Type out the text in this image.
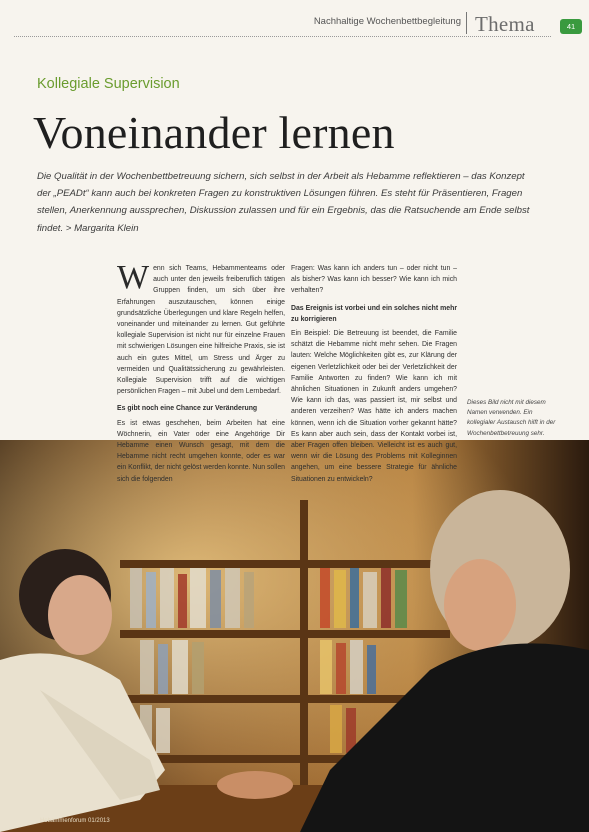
Nachhaltige Wochenbettbegleitung Thema	41
Kollegiale Supervision
Voneinander lernen

Die Qualität in der Wochenbettbetreuung sichern, sich selbst in der Arbeit als Hebamme reflektieren – das Konzept der „PEADt“ kann auch bei konkreten Fragen zu konstruktiven Lösungen führen. Es steht für Präsentieren, Fragen stellen, Anerkennung aussprechen, Diskussion zulassen und für ein Ergebnis, das die Ratsuchende am Ende selbst findet. > Margarita Klein

Wenn sich Teams, Hebammenteams oder auch unter den jeweils freiberuflich tätigen Gruppen finden, um sich über ihre Erfahrungen auszutauschen, können einige grundsätzliche Überlegungen und klare Regeln helfen, voneinander und miteinander zu lernen. Gut geführte kollegiale Supervision ist nicht nur für einzelne Frauen mit schwierigen Lösungen eine hilfreiche Praxis, sie ist auch ein gutes Mittel, um Stress und Ärger zu vermeiden und Qualitätssicherung zu gewährleisten. Kollegiale Supervision trifft auf die wichtigen persönlichen Fragen – mit Jubel und dem Lernbedarf.

Es gibt noch eine Chance zur Veränderung

Es ist etwas geschehen, beim Arbeiten hat eine Wöchnerin, ein Vater oder eine Angehörige Dir Hebamme einen Wunsch gesagt, mit dem die Hebamme nicht recht umgehen konnte, oder es war ein Konflikt, der nicht gelöst werden konnte. Nun sollen sich die folgenden

Fragen: Was kann ich anders tun – oder nicht tun – als bisher? Was kann ich besser? Wie kann ich mich verhalten?

Das Ereignis ist vorbei und ein solches nicht mehr zu korrigieren

Ein Beispiel: Die Betreuung ist beendet, die Familie schätzt die Hebamme nicht mehr sehen. Die Fragen lauten: Welche Möglichkeiten gibt es, zur Klärung der eigenen Verletzlichkeit oder bei der Verletzlichkeit der Familie Antworten zu finden? Wie kann ich mit ähnlichen Situationen in Zukunft anders umgehen? Wie kann ich das, was passiert ist, mir selbst und anderen verzeihen? Was hätte ich anders machen können, wenn ich die Situation vorher gekannt hätte? Es kann aber auch sein, dass der Kontakt vorbei ist, aber Fragen offen bleiben. Vielleicht ist es auch gut, wenn wir die Lösung des Problems mit Kolleginnen angehen, um eine bessere Strategie für ähnliche Situationen zu entwickeln?

Dieses Bild nicht mit diesem Namen verwenden. Ein kollegialer Austausch hilft in der Wochenbettbetreuung sehr.

Hebammenforum 01/2013
